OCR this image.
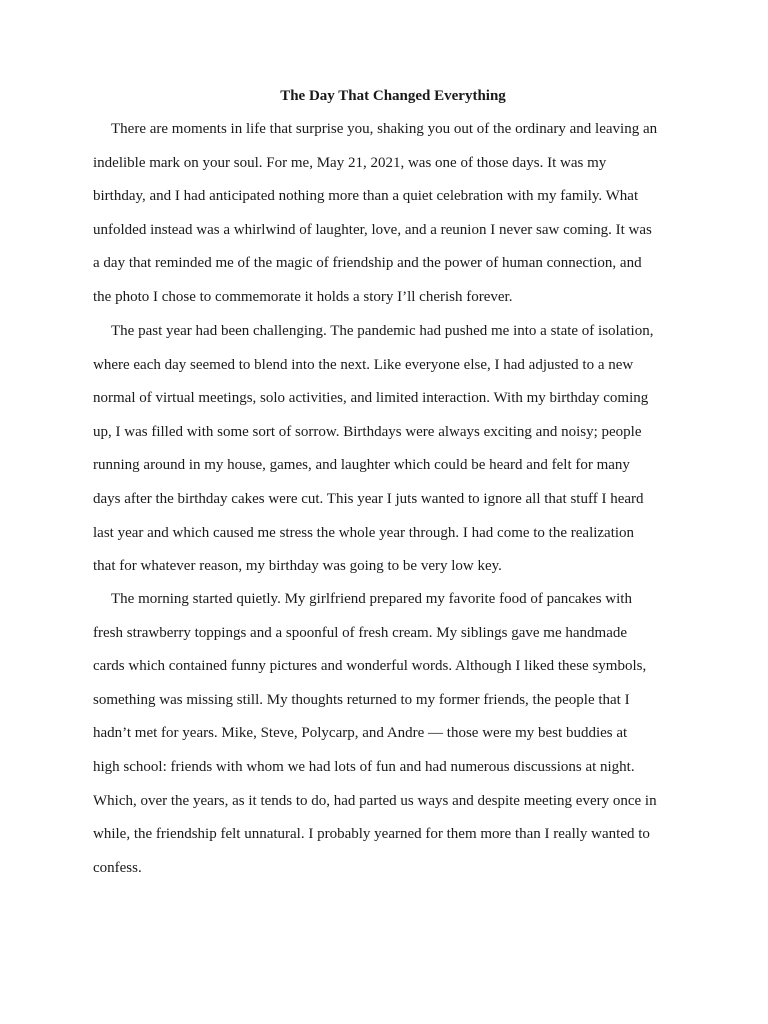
The Day That Changed Everything
There are moments in life that surprise you, shaking you out of the ordinary and leaving an
indelible mark on your soul. For me, May 21, 2021, was one of those days. It was my
birthday, and I had anticipated nothing more than a quiet celebration with my family. What
unfolded instead was a whirlwind of laughter, love, and a reunion I never saw coming. It was
a day that reminded me of the magic of friendship and the power of human connection, and
the photo I chose to commemorate it holds a story I’ll cherish forever.
The past year had been challenging. The pandemic had pushed me into a state of isolation,
where each day seemed to blend into the next. Like everyone else, I had adjusted to a new
normal of virtual meetings, solo activities, and limited interaction. With my birthday coming
up, I was filled with some sort of sorrow. Birthdays were always exciting and noisy; people
running around in my house, games, and laughter which could be heard and felt for many
days after the birthday cakes were cut. This year I juts wanted to ignore all that stuff I heard
last year and which caused me stress the whole year through. I had come to the realization
that for whatever reason, my birthday was going to be very low key.
The morning started quietly. My girlfriend prepared my favorite food of pancakes with
fresh strawberry toppings and a spoonful of fresh cream. My siblings gave me handmade
cards which contained funny pictures and wonderful words. Although I liked these symbols,
something was missing still. My thoughts returned to my former friends, the people that I
hadn’t met for years. Mike, Steve, Polycarp, and Andre — those were my best buddies at
high school: friends with whom we had lots of fun and had numerous discussions at night.
Which, over the years, as it tends to do, had parted us ways and despite meeting every once in
while, the friendship felt unnatural. I probably yearned for them more than I really wanted to
confess.
